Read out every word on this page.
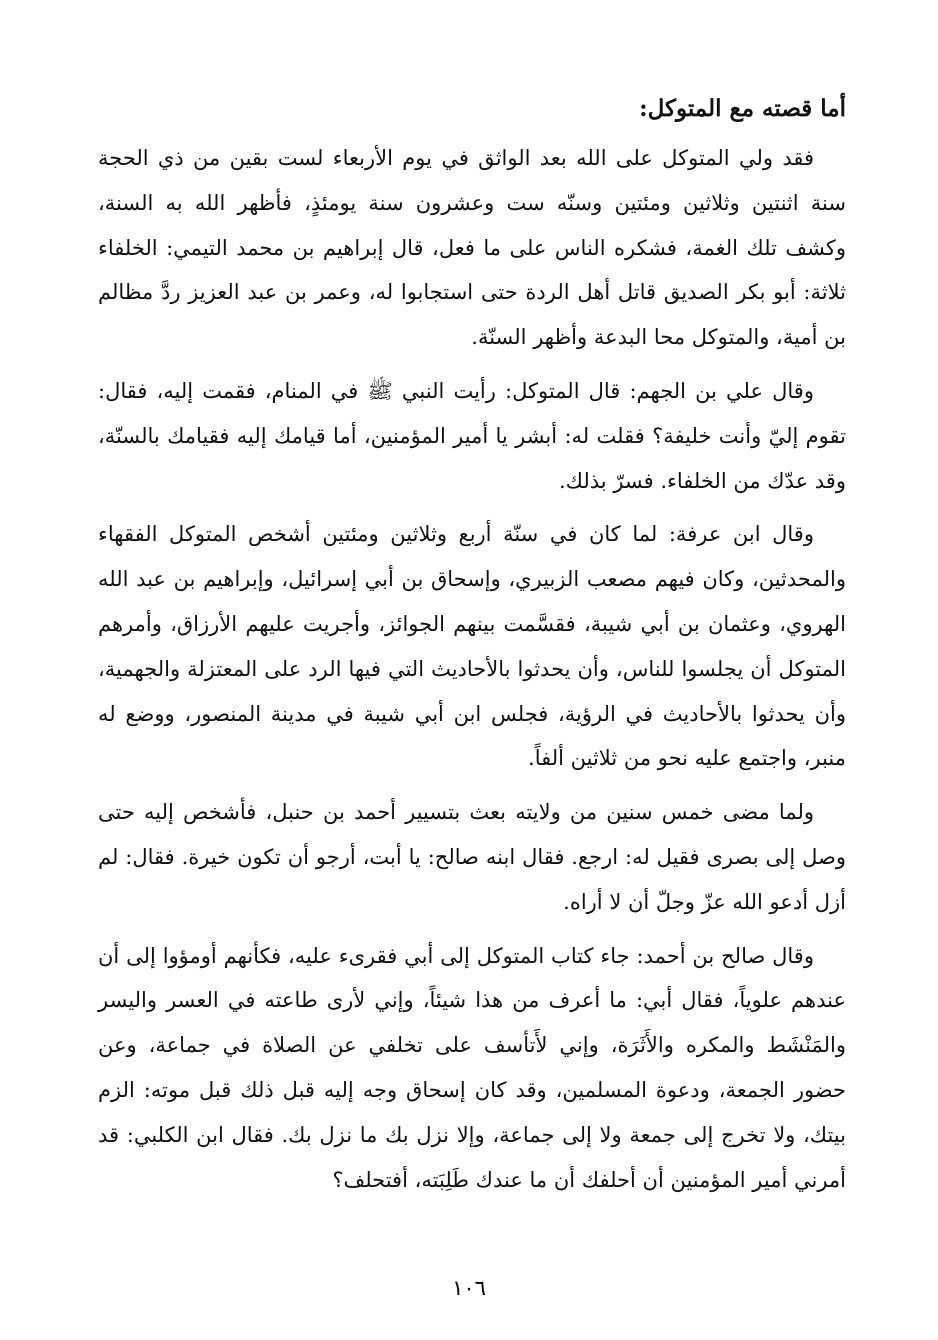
أما قصته مع المتوكل:
فقد ولي المتوكل على الله بعد الواثق في يوم الأربعاء لست بقين من ذي الحجة سنة اثنتين وثلاثين ومئتين وسنّه ست وعشرون سنة يومئذٍ، فأظهر الله به السنة، وكشف تلك الغمة، فشكره الناس على ما فعل، قال إبراهيم بن محمد التيمي: الخلفاء ثلاثة: أبو بكر الصديق قاتل أهل الردة حتى استجابوا له، وعمر بن عبد العزيز ردَّ مظالم بن أمية، والمتوكل محا البدعة وأظهر السنّة.
وقال علي بن الجهم: قال المتوكل: رأيت النبي ﷺ في المنام، فقمت إليه، فقال: تقوم إليّ وأنت خليفة؟ فقلت له: أبشر يا أمير المؤمنين، أما قيامك إليه فقيامك بالسنّة، وقد عدّك من الخلفاء. فسرّ بذلك.
وقال ابن عرفة: لما كان في سنّة أربع وثلاثين ومئتين أشخص المتوكل الفقهاء والمحدثين، وكان فيهم مصعب الزبيري، وإسحاق بن أبي إسرائيل، وإبراهيم بن عبد الله الهروي، وعثمان بن أبي شيبة، فقسَّمت بينهم الجوائز، وأجريت عليهم الأرزاق، وأمرهم المتوكل أن يجلسوا للناس، وأن يحدثوا بالأحاديث التي فيها الرد على المعتزلة والجهمية، وأن يحدثوا بالأحاديث في الرؤية، فجلس ابن أبي شيبة في مدينة المنصور، ووضع له منبر، واجتمع عليه نحو من ثلاثين ألفاً.
ولما مضى خمس سنين من ولايته بعث بتسيير أحمد بن حنبل، فأشخص إليه حتى وصل إلى بصرى فقيل له: ارجع. فقال ابنه صالح: يا أبت، أرجو أن تكون خيرة. فقال: لم أزل أدعو الله عزّ وجلّ أن لا أراه.
وقال صالح بن أحمد: جاء كتاب المتوكل إلى أبي فقرىء عليه، فكأنهم أومؤوا إلى أن عندهم علوياً، فقال أبي: ما أعرف من هذا شيئاً، وإني لأرى طاعته في العسر واليسر والمَنْشَط والمكره والأَثَرَة، وإني لأَتأسف على تخلفي عن الصلاة في جماعة، وعن حضور الجمعة، ودعوة المسلمين، وقد كان إسحاق وجه إليه قبل ذلك قبل موته: الزم بيتك، ولا تخرج إلى جمعة ولا إلى جماعة، وإلا نزل بك ما نزل بك. فقال ابن الكلبي: قد أمرني أمير المؤمنين أن أحلفك أن ما عندك طَلِبَته، أفتحلف؟
١٠٦
